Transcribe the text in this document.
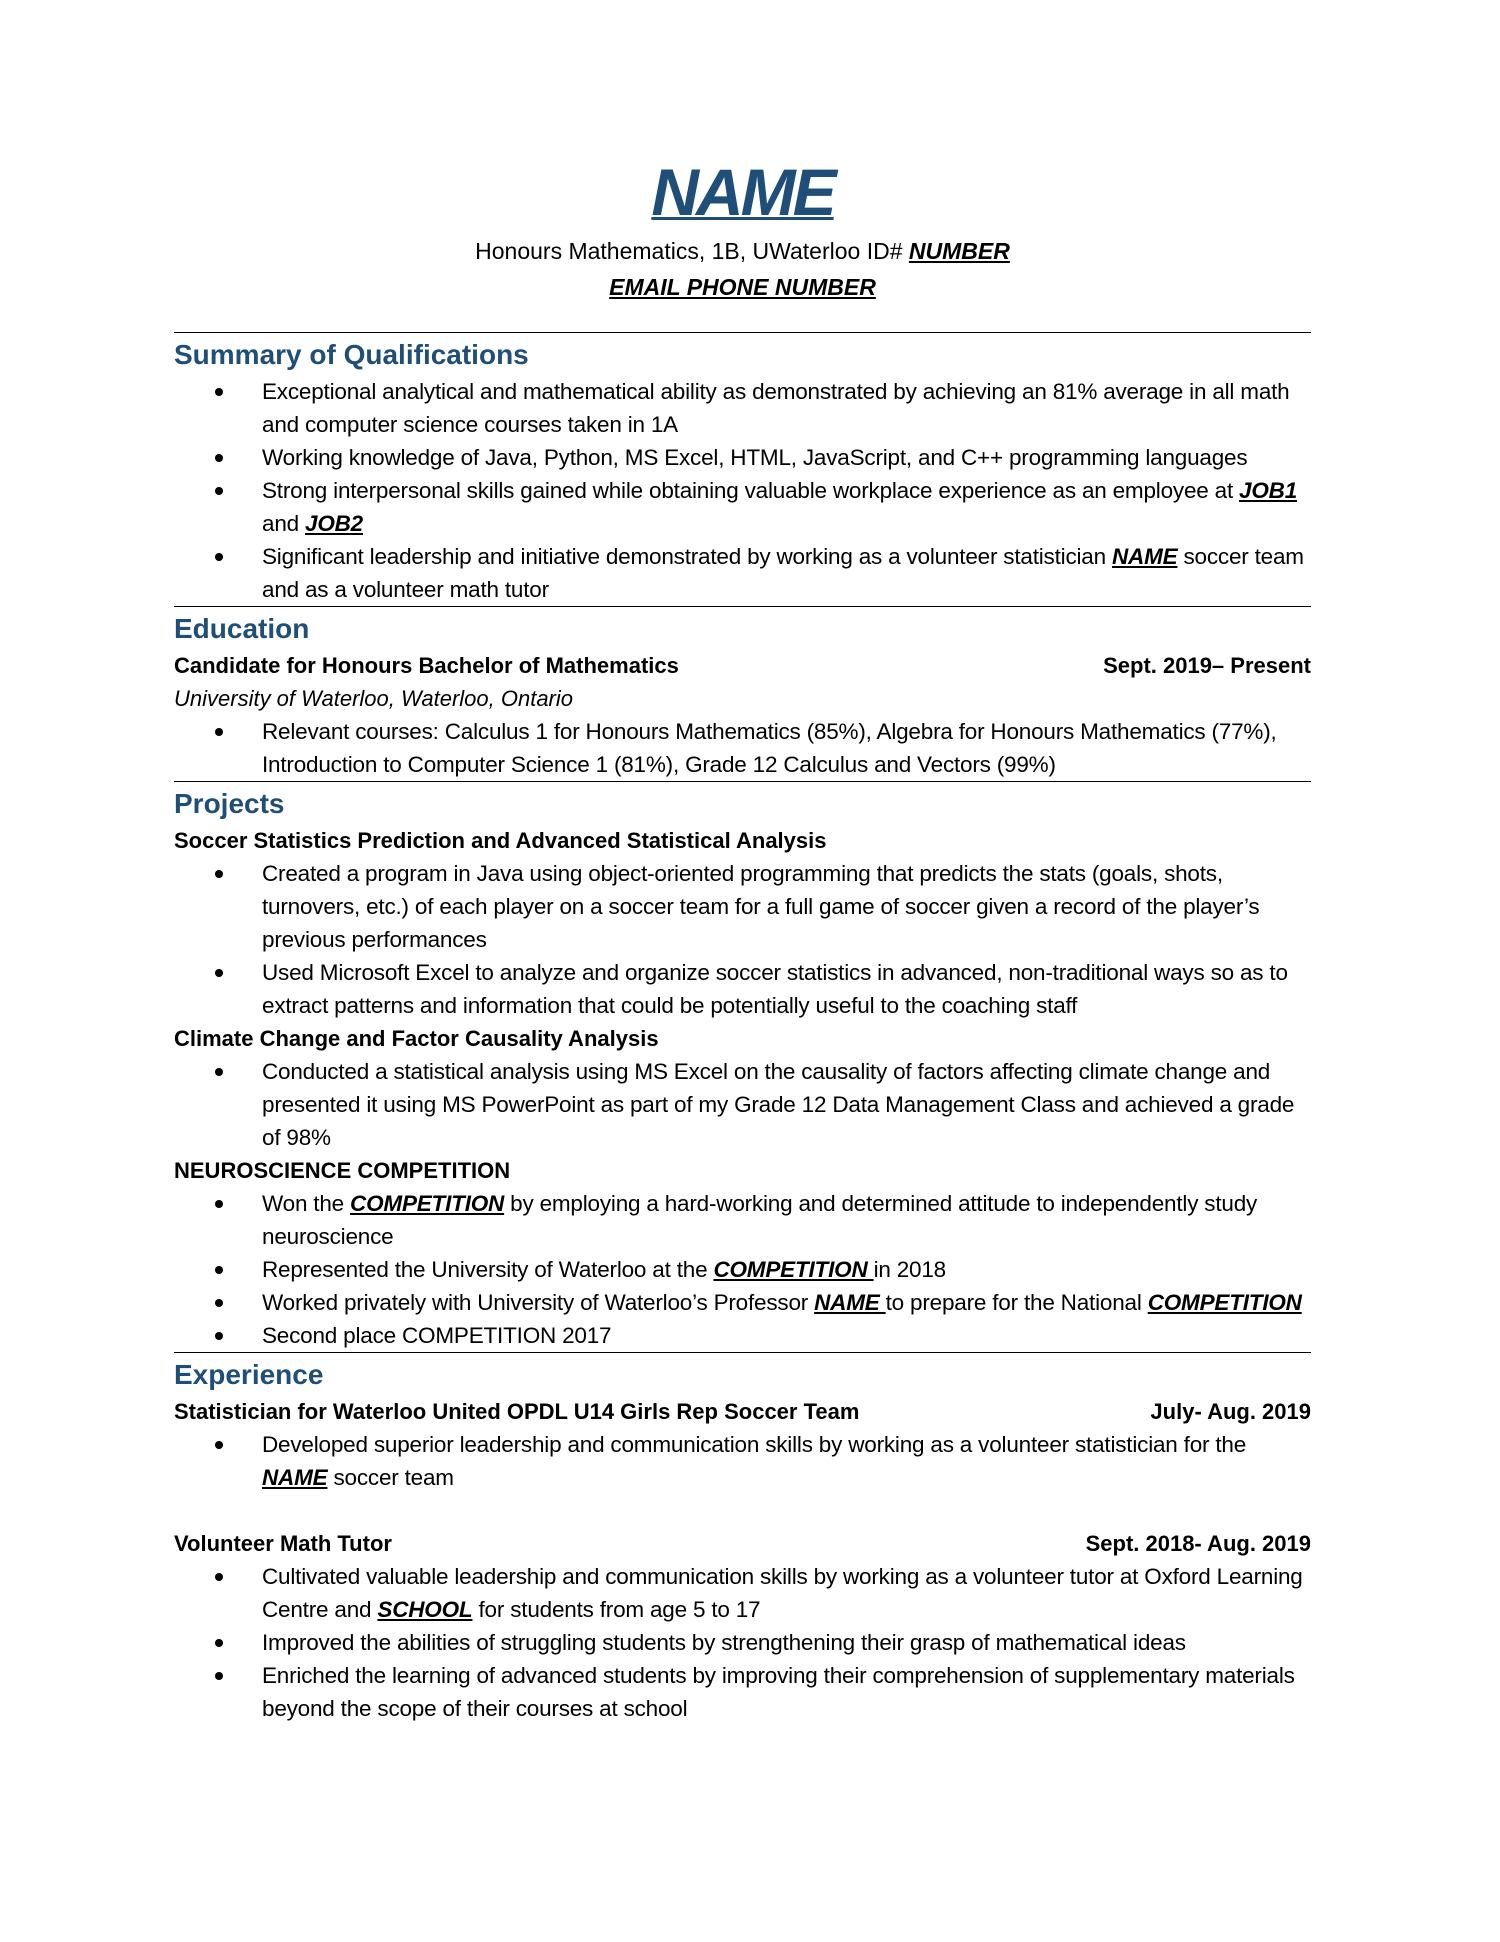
NAME
Honours Mathematics, 1B, UWaterloo ID# NUMBER
EMAIL PHONE NUMBER
Summary of Qualifications
Exceptional analytical and mathematical ability as demonstrated by achieving an 81% average in all math and computer science courses taken in 1A
Working knowledge of Java, Python, MS Excel, HTML, JavaScript, and C++ programming languages
Strong interpersonal skills gained while obtaining valuable workplace experience as an employee at JOB1 and JOB2
Significant leadership and initiative demonstrated by working as a volunteer statistician NAME soccer team and as a volunteer math tutor
Education
Candidate for Honours Bachelor of Mathematics	Sept. 2019– Present
University of Waterloo, Waterloo, Ontario
Relevant courses: Calculus 1 for Honours Mathematics (85%), Algebra for Honours Mathematics (77%), Introduction to Computer Science 1 (81%), Grade 12 Calculus and Vectors (99%)
Projects
Soccer Statistics Prediction and Advanced Statistical Analysis
Created a program in Java using object-oriented programming that predicts the stats (goals, shots, turnovers, etc.) of each player on a soccer team for a full game of soccer given a record of the player’s previous performances
Used Microsoft Excel to analyze and organize soccer statistics in advanced, non-traditional ways so as to extract patterns and information that could be potentially useful to the coaching staff
Climate Change and Factor Causality Analysis
Conducted a statistical analysis using MS Excel on the causality of factors affecting climate change and presented it using MS PowerPoint as part of my Grade 12 Data Management Class and achieved a grade of 98%
NEUROSCIENCE COMPETITION
Won the COMPETITION by employing a hard-working and determined attitude to independently study neuroscience
Represented the University of Waterloo at the COMPETITION in 2018
Worked privately with University of Waterloo’s Professor NAME to prepare for the National COMPETITION
Second place COMPETITION 2017
Experience
Statistician for Waterloo United OPDL U14 Girls Rep Soccer Team	July- Aug. 2019
Developed superior leadership and communication skills by working as a volunteer statistician for the NAME soccer team
Volunteer Math Tutor	Sept. 2018- Aug. 2019
Cultivated valuable leadership and communication skills by working as a volunteer tutor at Oxford Learning Centre and SCHOOL for students from age 5 to 17
Improved the abilities of struggling students by strengthening their grasp of mathematical ideas
Enriched the learning of advanced students by improving their comprehension of supplementary materials beyond the scope of their courses at school
